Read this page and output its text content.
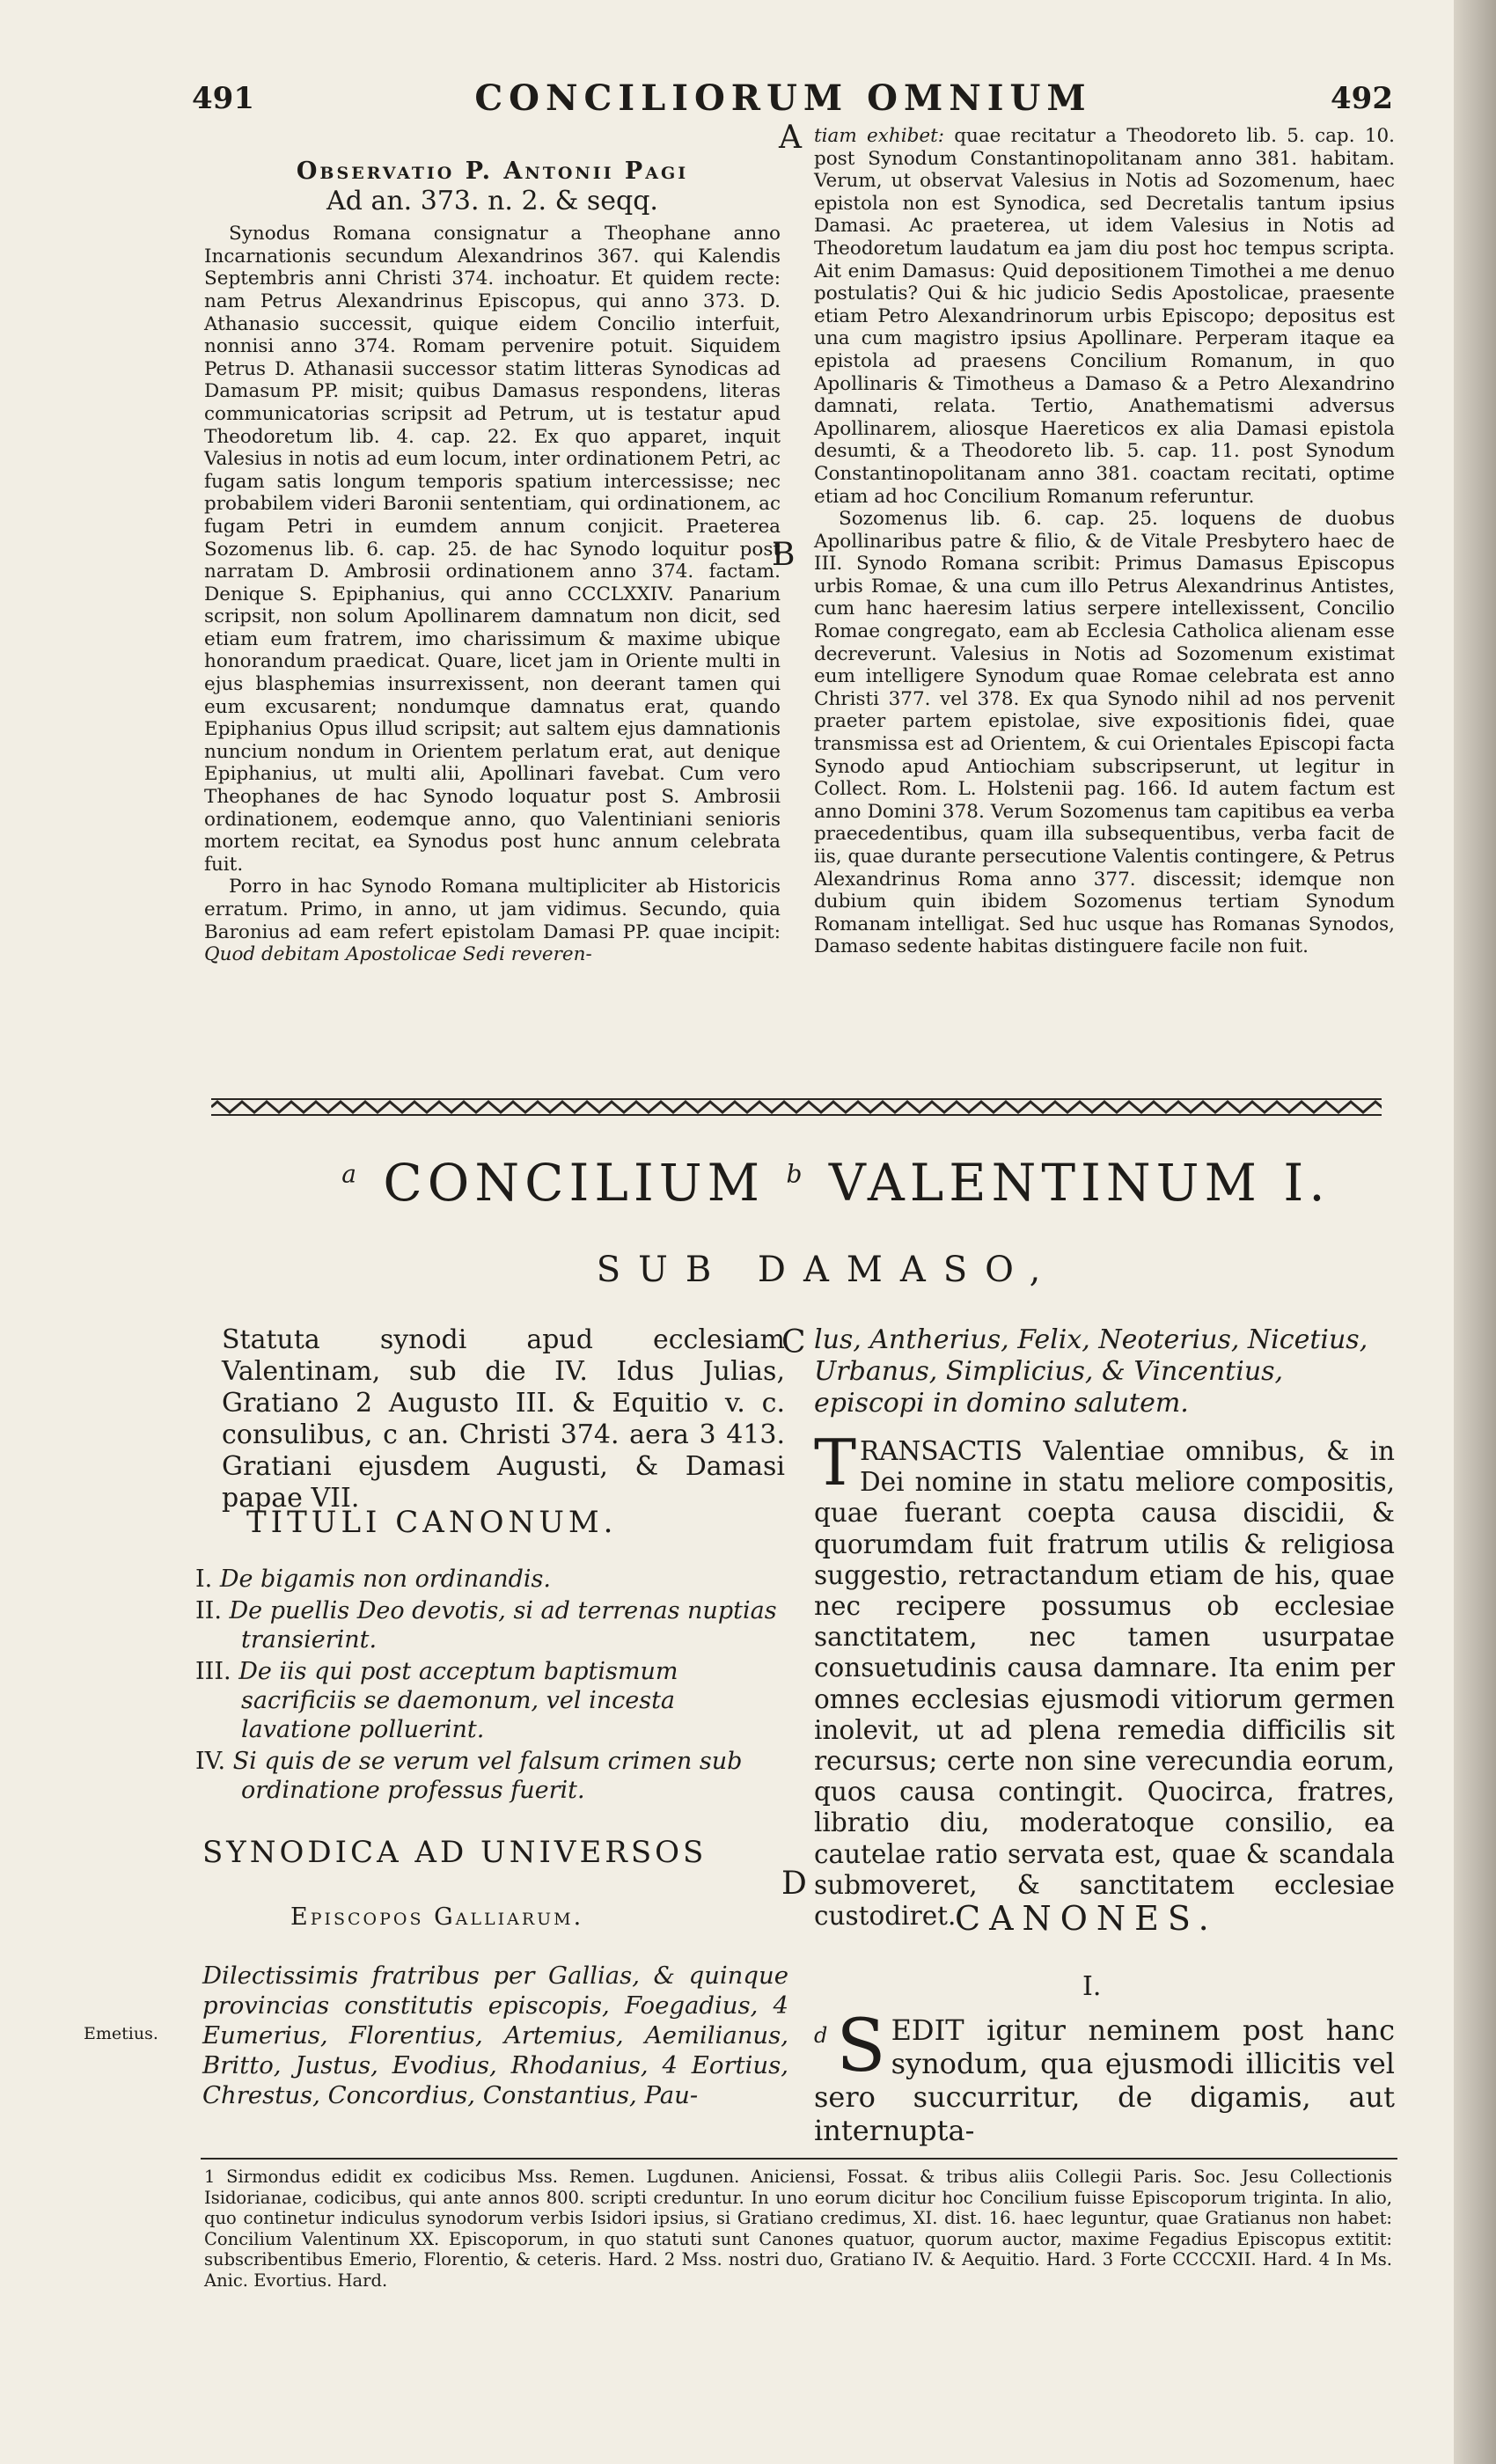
491	CONCILIORUM OMNIUM	492
Observatio P. Antonii Pagi
Ad an. 373. n. 2. & seqq.

Synodus Romana consignatur a Theophane anno Incarnationis secundum Alexandrinos 367. qui Kalendis Septembris anni Christi 374. inchoatur. Et quidem recte: nam Petrus Alexandrinus Episcopus, qui anno 373. D. Athanasio successit, quique eidem Concilio interfuit, nonnisi anno 374. Romam pervenire potuit. Siquidem Petrus D. Athanasii successor statim litteras Synodicas ad Damasum PP. misit; quibus Damasus respondens, literas communicatorias scripsit ad Petrum, ut is testatur apud Theodoretum lib. 4. cap. 22. Ex quo apparet, inquit Valesius in notis ad eum locum, inter ordinationem Petri, ac fugam satis longum temporis spatium intercessisse; nec probabilem videri Baronii sententiam, qui ordinationem, ac fugam Petri in eumdem annum conjicit. Praeterea Sozomenus lib. 6. cap. 25. de hac Synodo loquitur post narratam D. Ambrosii ordinationem anno 374. factam. Denique S. Epiphanius, qui anno CCCLXXIV. Panarium scripsit, non solum Apollinarem damnatum non dicit, sed etiam eum fratrem, imo charissimum & maxime ubique honorandum praedicat. Quare, licet jam in Oriente multi in ejus blasphemias insurrexissent, non deerant tamen qui eum excusarent; nondumque damnatus erat, quando Epiphanius Opus illud scripsit; aut saltem ejus damnationis nuncium nondum in Orientem perlatum erat, aut denique Epiphanius, ut multi alii, Apollinari favebat. Cum vero Theophanes de hac Synodo loquatur post S. Ambrosii ordinationem, eodemque anno, quo Valentiniani senioris mortem recitat, ea Synodus post hunc annum celebrata fuit.

Porro in hac Synodo Romana multipliciter ab Historicis erratum. Primo, in anno, ut jam vidimus. Secundo, quia Baronius ad eam refert epistolam Damasi PP. quae incipit: Quod debitam Apostolicae Sedi reveren-

A
B
C
D

tiam exhibet: quae recitatur a Theodoreto lib. 5. cap. 10. post Synodum Constantinopolitanam anno 381. habitam. Verum, ut observat Valesius in Notis ad Sozomenum, haec epistola non est Synodica, sed Decretalis tantum ipsius Damasi. Ac praeterea, ut idem Valesius in Notis ad Theodoretum laudatum ea jam diu post hoc tempus scripta. Ait enim Damasus: Quid depositionem Timothei a me denuo postulatis? Qui & hic judicio Sedis Apostolicae, praesente etiam Petro Alexandrinorum urbis Episcopo; depositus est una cum magistro ipsius Apollinare. Perperam itaque ea epistola ad praesens Concilium Romanum, in quo Apollinaris & Timotheus a Damaso & a Petro Alexandrino damnati, relata. Tertio, Anathematismi adversus Apollinarem, aliosque Haereticos ex alia Damasi epistola desumti, & a Theodoreto lib. 5. cap. 11. post Synodum Constantinopolitanam anno 381. coactam recitati, optime etiam ad hoc Concilium Romanum referuntur.

Sozomenus lib. 6. cap. 25. loquens de duobus Apollinaribus patre & filio, & de Vitale Presbytero haec de III. Synodo Romana scribit: Primus Damasus Episcopus urbis Romae, & una cum illo Petrus Alexandrinus Antistes, cum hanc haeresim latius serpere intellexissent, Concilio Romae congregato, eam ab Ecclesia Catholica alienam esse decreverunt. Valesius in Notis ad Sozomenum existimat eum intelligere Synodum quae Romae celebrata est anno Christi 377. vel 378. Ex qua Synodo nihil ad nos pervenit praeter partem epistolae, sive expositionis fidei, quae transmissa est ad Orientem, & cui Orientales Episcopi facta Synodo apud Antiochiam subscripserunt, ut legitur in Collect. Rom. L. Holstenii pag. 166. Id autem factum est anno Domini 378. Verum Sozomenus tam capitibus ea verba praecedentibus, quam illa subsequentibus, verba facit de iis, quae durante persecutione Valentis contingere, & Petrus Alexandrinus Roma anno 377. discessit; idemque non dubium quin ibidem Sozomenus tertiam Synodum Romanam intelligat. Sed huc usque has Romanas Synodos, Damaso sedente habitas distinguere facile non fuit.

$^a$ CONCILIUM $^b$ VALENTINUM I.
SUB DAMASO,
Statuta synodi apud ecclesiam Valentinam, sub die IV. Idus Julias, Gratiano 2 Augusto III. & Equitio v. c. consulibus, c an. Christi 374. aera 3 413. Gratiani ejusdem Augusti, & Damasi papae VII.
lus, Antherius, Felix, Neoterius, Nicetius, Urbanus, Simplicius, & Vincentius, episcopi in domino salutem.
TITULI CANONUM.
I. De bigamis non ordinandis.
II. De puellis Deo devotis, si ad terrenas nuptias transierint.
III. De iis qui post acceptum baptismum sacrificiis se daemonum, vel incesta lavatione polluerint.
IV. Si quis de se verum vel falsum crimen sub ordinatione professus fuerit.
SYNODICA AD UNIVERSOS
Episcopos Galliarum.
Dilectissimis fratribus per Gallias, & quinque provincias constitutis episcopis, Foegadius, 4 Eumerius, Florentius, Artemius, Aemilianus, Britto, Justus, Evodius, Rhodanius, 4 Eortius, Chrestus, Concordius, Constantius, Pau-
Emetius.
T RANSACTIS Valentiae omnibus, & in Dei nomine in statu meliore compositis, quae fuerant coepta causa discidii, & quorumdam fuit fratrum utilis & religiosa suggestio, retractandum etiam de his, quae nec recipere possumus ob ecclesiae sanctitatem, nec tamen usurpatae consuetudinis causa damnare. Ita enim per omnes ecclesias ejusmodi vitiorum germen inolevit, ut ad plena remedia difficilis sit recursus; certe non sine verecundia eorum, quos causa contingit. Quocirca, fratres, libratio diu, moderatoque consilio, ea cautelae ratio servata est, quae & scandala submoveret, & sanctitatem ecclesiae custodiret.
CANONES.
I.
d S EDIT igitur neminem post hanc synodum, qua ejusmodi illicitis vel sero succurritur, de digamis, aut internupta-
1 Sirmondus edidit ex codicibus Mss. Remen. Lugdunen. Aniciensi, Fossat. & tribus aliis Collegii Paris. Soc. Jesu Collectionis Isidorianae, codicibus, qui ante annos 800. scripti creduntur. In uno eorum dicitur hoc Concilium fuisse Episcoporum triginta. In alio, quo continetur indiculus synodorum verbis Isidori ipsius, si Gratiano credimus, XI. dist. 16. haec leguntur, quae Gratianus non habet: Concilium Valentinum XX. Episcoporum, in quo statuti sunt Canones quatuor, quorum auctor, maxime Fegadius Episcopus extitit: subscribentibus Emerio, Florentio, & ceteris. Hard. 2 Mss. nostri duo, Gratiano IV. & Aequitio. Hard. 3 Forte CCCCXII. Hard. 4 In Ms. Anic. Evortius. Hard.
